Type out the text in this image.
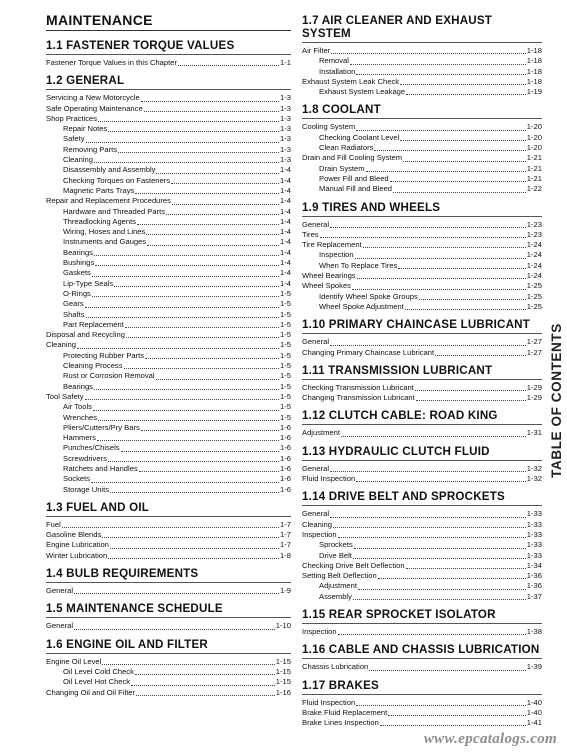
MAINTENANCE
1.1 FASTENER TORQUE VALUES
Fastener Torque Values in this Chapter	1-1
1.2 GENERAL
Servicing a New Motorcycle	1-3
Safe Operating Maintenance	1-3
Shop Practices	1-3
Repair Notes	1-3
Safety	1-3
Removing Parts	1-3
Cleaning	1-3
Disassembly and Assembly	1-4
Checking Torques on Fasteners	1-4
Magnetic Parts Trays	1-4
Repair and Replacement Procedures	1-4
Hardware and Threaded Parts	1-4
Threadlocking Agents	1-4
Wiring, Hoses and Lines	1-4
Instruments and Gauges	1-4
Bearings	1-4
Bushings	1-4
Gaskets	1-4
Lip-Type Seals	1-4
O-Rings	1-5
Gears	1-5
Shafts	1-5
Part Replacement	1-5
Disposal and Recycling	1-5
Cleaning	1-5
Protecting Rubber Parts	1-5
Cleaning Process	1-5
Rust or Corrosion Removal	1-5
Bearings	1-5
Tool Safety	1-5
Air Tools	1-5
Wrenches	1-5
Pliers/Cutters/Pry Bars	1-6
Hammers	1-6
Punches/Chisels	1-6
Screwdrivers	1-6
Ratchets and Handles	1-6
Sockets	1-6
Storage Units	1-6
1.3 FUEL AND OIL
Fuel	1-7
Gasoline Blends	1-7
Engine Lubrication	1-7
Winter Lubrication	1-8
1.4 BULB REQUIREMENTS
General	1-9
1.5 MAINTENANCE SCHEDULE
General	1-10
1.6 ENGINE OIL AND FILTER
Engine Oil Level	1-15
Oil Level Cold Check	1-15
Oil Level Hot Check	1-15
Changing Oil and Oil Filter	1-16
1.7 AIR CLEANER AND EXHAUST SYSTEM
Air Filter	1-18
Removal	1-18
Installation	1-18
Exhaust System Leak Check	1-18
Exhaust System Leakage	1-19
1.8 COOLANT
Cooling System	1-20
Checking Coolant Level	1-20
Clean Radiators	1-20
Drain and Fill Cooling System	1-21
Drain System	1-21
Power Fill and Bleed	1-21
Manual Fill and Bleed	1-22
1.9 TIRES AND WHEELS
General	1-23
Tires	1-23
Tire Replacement	1-24
Inspection	1-24
When To Replace Tires	1-24
Wheel Bearings	1-24
Wheel Spokes	1-25
Identify Wheel Spoke Groups	1-25
Wheel Spoke Adjustment	1-25
1.10 PRIMARY CHAINCASE LUBRICANT
General	1-27
Changing Primary Chaincase Lubricant	1-27
1.11 TRANSMISSION LUBRICANT
Checking Transmission Lubricant	1-29
Changing Transmission Lubricant	1-29
1.12 CLUTCH CABLE: ROAD KING
Adjustment	1-31
1.13 HYDRAULIC CLUTCH FLUID
General	1-32
Fluid Inspection	1-32
1.14 DRIVE BELT AND SPROCKETS
General	1-33
Cleaning	1-33
Inspection	1-33
Sprockets	1-33
Drive Belt	1-33
Checking Drive Belt Deflection	1-34
Setting Belt Deflection	1-36
Adjustment	1-36
Assembly	1-37
1.15 REAR SPROCKET ISOLATOR
Inspection	1-38
1.16 CABLE AND CHASSIS LUBRICATION
Chassis Lubrication	1-39
1.17 BRAKES
Fluid Inspection	1-40
Brake Fluid Replacement	1-40
Brake Lines Inspection	1-41
TABLE OF CONTENTS
www.epcatalogs.com
